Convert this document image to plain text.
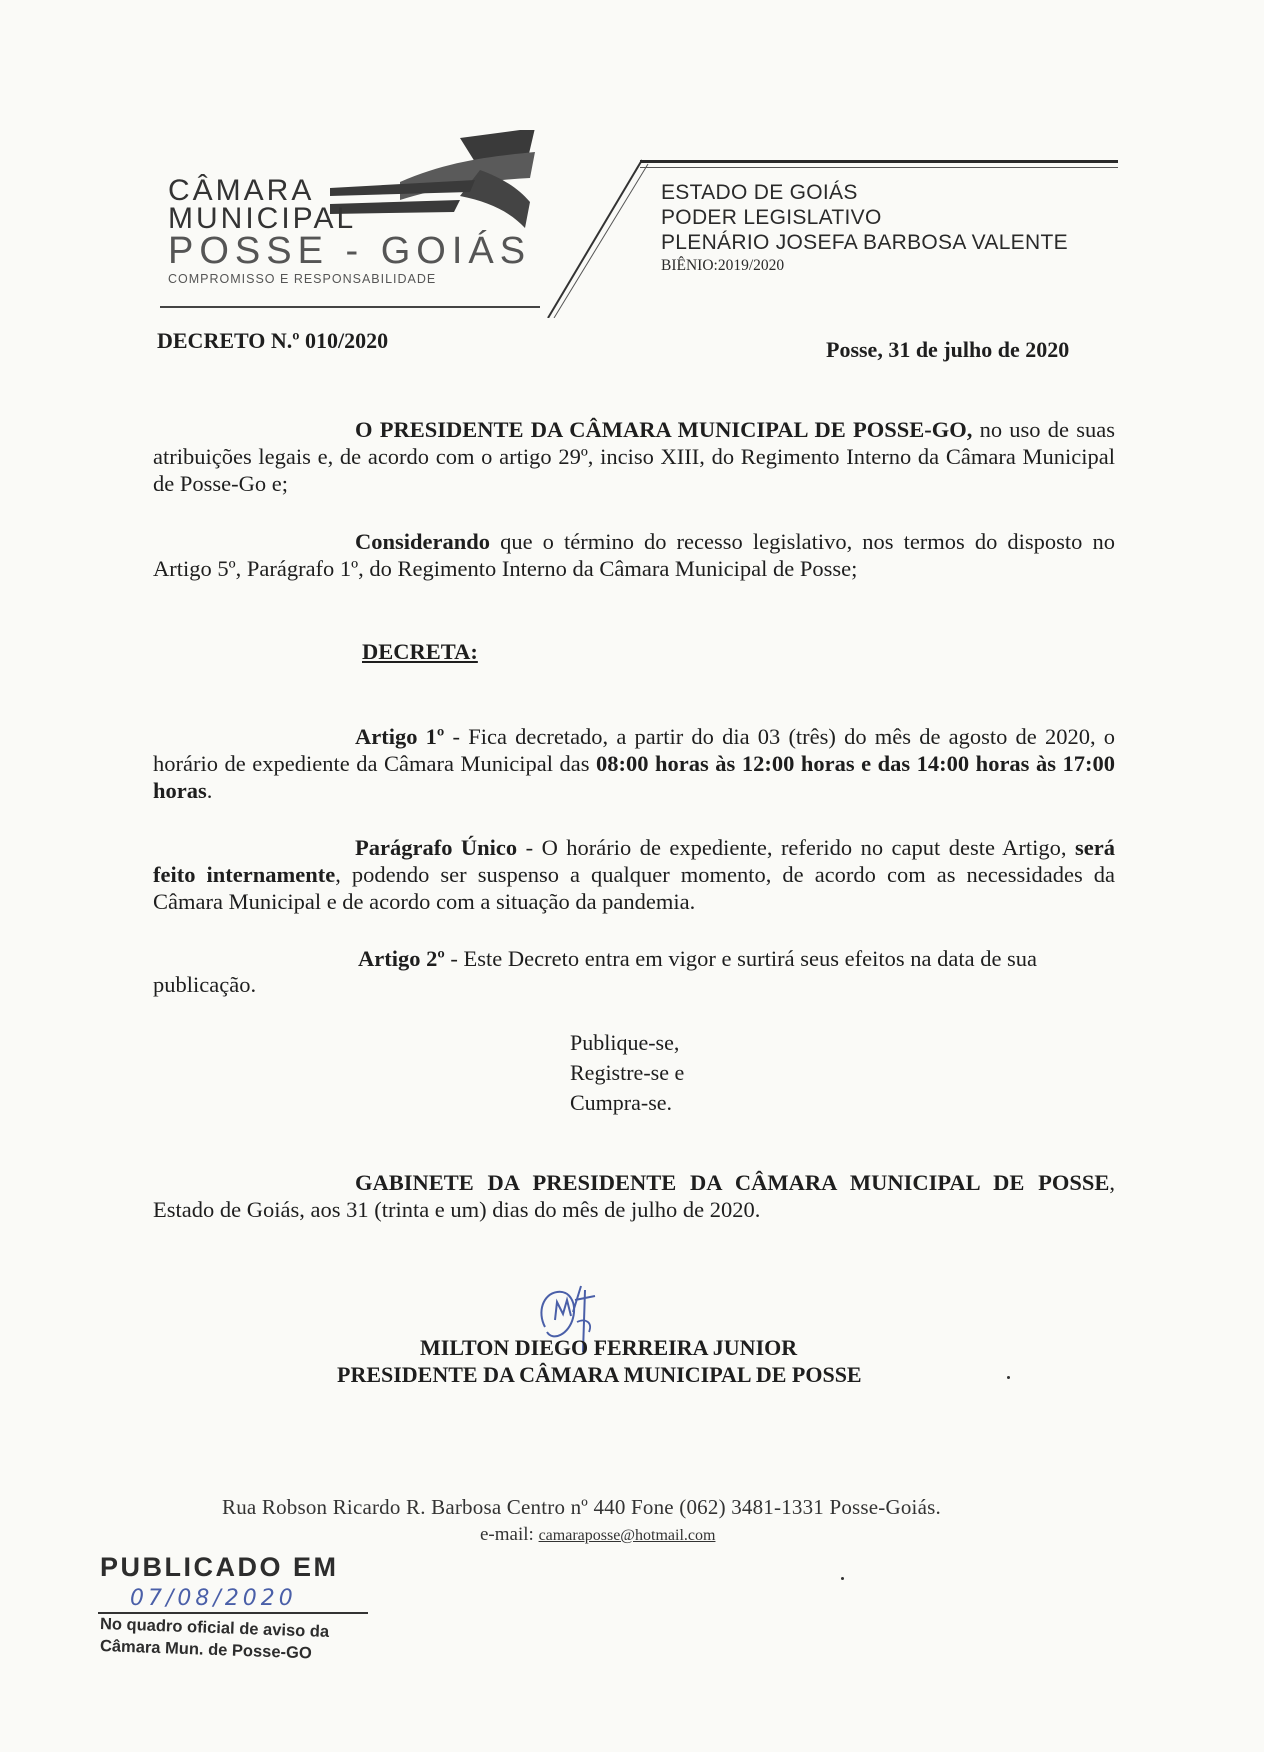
CÂMARA

MUNICIPAL

POSSE - GOIÁS

COMPROMISSO E RESPONSABILIDADE

ESTADO DE GOIÁS
PODER LEGISLATIVO
PLENÁRIO JOSEFA BARBOSA VALENTE
BIÊNIO:2019/2020
DECRETO N.º 010/2020	Posse, 31 de julho de 2020
O PRESIDENTE DA CÂMARA MUNICIPAL DE POSSE-GO, no uso de suas atribuições legais e, de acordo com o artigo 29º, inciso XIII, do Regimento Interno da Câmara Municipal de Posse-Go e;
Considerando que o término do recesso legislativo, nos termos do disposto no Artigo 5º, Parágrafo 1º, do Regimento Interno da Câmara Municipal de Posse;
DECRETA:
Artigo 1º - Fica decretado, a partir do dia 03 (três) do mês de agosto de 2020, o horário de expediente da Câmara Municipal das 08:00 horas às 12:00 horas e das 14:00 horas às 17:00 horas.
Parágrafo Único - O horário de expediente, referido no caput deste Artigo, será feito internamente, podendo ser suspenso a qualquer momento, de acordo com as necessidades da Câmara Municipal e de acordo com a situação da pandemia.
Artigo 2º - Este Decreto entra em vigor e surtirá seus efeitos na data de sua
publicação.
Publique-se,
Registre-se e
Cumpra-se.
GABINETE DA PRESIDENTE DA CÂMARA MUNICIPAL DE POSSE, Estado de Goiás, aos 31 (trinta e um) dias do mês de julho de 2020.
MILTON DIEGO FERREIRA JUNIOR
PRESIDENTE DA CÂMARA MUNICIPAL DE POSSE
Rua Robson Ricardo R. Barbosa Centro nº 440 Fone (062) 3481-1331 Posse-Goiás.
e-mail: camaraposse@hotmail.com
PUBLICADO EM
07/08/2020
No quadro oficial de aviso da
Câmara Mun. de Posse-GO
